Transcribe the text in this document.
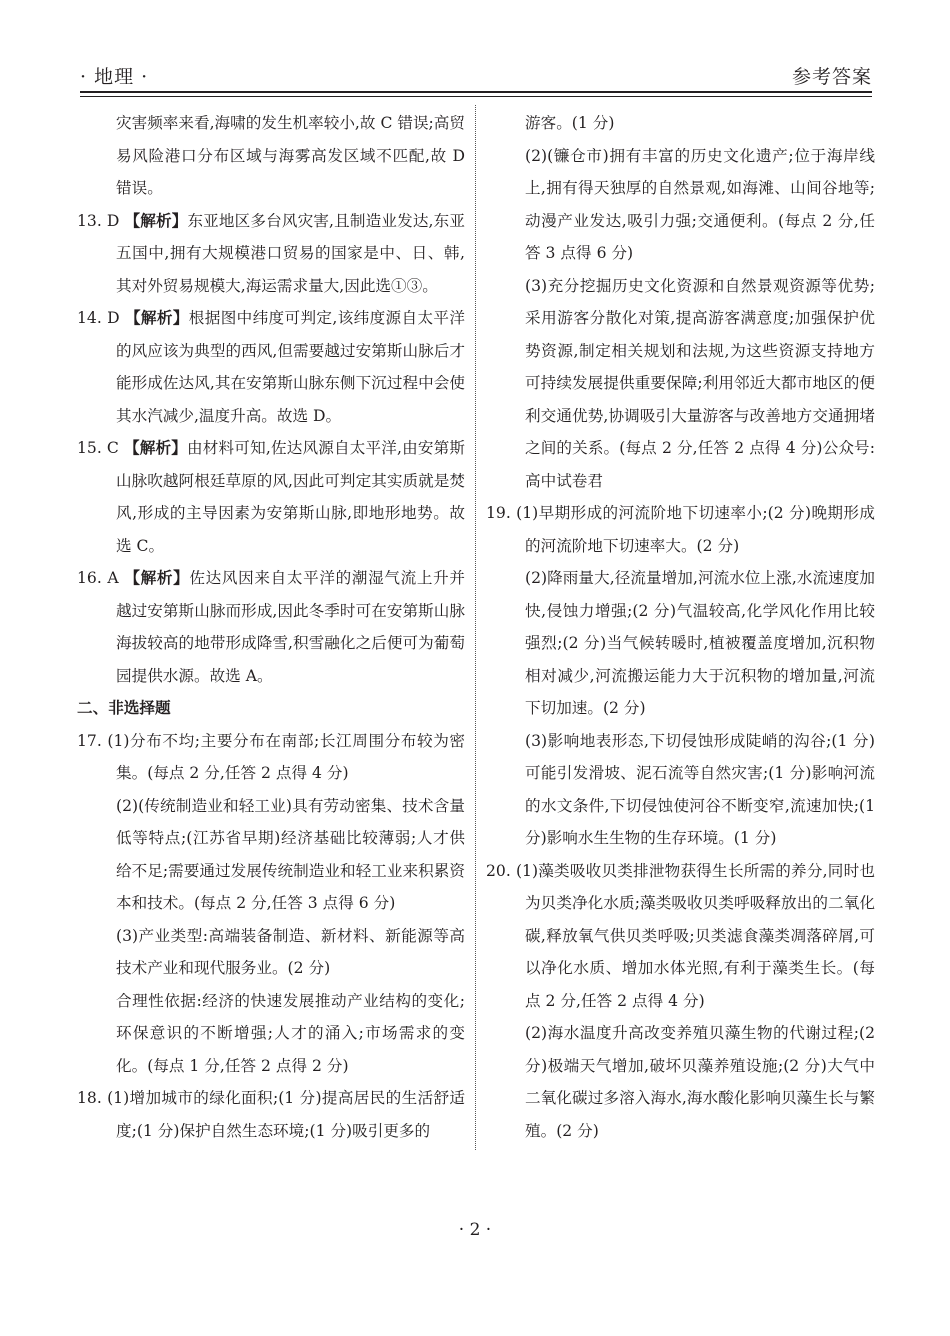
· 地理 ·	参考答案

灾害频率来看,海啸的发生机率较小,故 C 错误;高贸易风险港口分布区域与海雾高发区域不匹配,故 D 错误。

13. D 【解析】东亚地区多台风灾害,且制造业发达,东亚五国中,拥有大规模港口贸易的国家是中、日、韩,其对外贸易规模大,海运需求量大,因此选①③。

14. D 【解析】根据图中纬度可判定,该纬度源自太平洋的风应该为典型的西风,但需要越过安第斯山脉后才能形成佐达风,其在安第斯山脉东侧下沉过程中会使其水汽减少,温度升高。故选 D。

15. C 【解析】由材料可知,佐达风源自太平洋,由安第斯山脉吹越阿根廷草原的风,因此可判定其实质就是焚风,形成的主导因素为安第斯山脉,即地形地势。故选 C。

16. A 【解析】佐达风因来自太平洋的潮湿气流上升并越过安第斯山脉而形成,因此冬季时可在安第斯山脉海拔较高的地带形成降雪,积雪融化之后便可为葡萄园提供水源。故选 A。

二、非选择题

17. (1)分布不均;主要分布在南部;长江周围分布较为密集。(每点 2 分,任答 2 点得 4 分)

(2)(传统制造业和轻工业)具有劳动密集、技术含量低等特点;(江苏省早期)经济基础比较薄弱;人才供给不足;需要通过发展传统制造业和轻工业来积累资本和技术。(每点 2 分,任答 3 点得 6 分)

(3)产业类型:高端装备制造、新材料、新能源等高技术产业和现代服务业。(2 分)

合理性依据:经济的快速发展推动产业结构的变化;环保意识的不断增强;人才的涌入;市场需求的变化。(每点 1 分,任答 2 点得 2 分)

18. (1)增加城市的绿化面积;(1 分)提高居民的生活舒适度;(1 分)保护自然生态环境;(1 分)吸引更多的

游客。(1 分)

(2)(镰仓市)拥有丰富的历史文化遗产;位于海岸线上,拥有得天独厚的自然景观,如海滩、山间谷地等;动漫产业发达,吸引力强;交通便利。(每点 2 分,任答 3 点得 6 分)

(3)充分挖掘历史文化资源和自然景观资源等优势;采用游客分散化对策,提高游客满意度;加强保护优势资源,制定相关规划和法规,为这些资源支持地方可持续发展提供重要保障;利用邻近大都市地区的便利交通优势,协调吸引大量游客与改善地方交通拥堵之间的关系。(每点 2 分,任答 2 点得 4 分)公众号: 高中试卷君

19. (1)早期形成的河流阶地下切速率小;(2 分)晚期形成的河流阶地下切速率大。(2 分)

(2)降雨量大,径流量增加,河流水位上涨,水流速度加快,侵蚀力增强;(2 分)气温较高,化学风化作用比较强烈;(2 分)当气候转暖时,植被覆盖度增加,沉积物相对减少,河流搬运能力大于沉积物的增加量,河流下切加速。(2 分)

(3)影响地表形态,下切侵蚀形成陡峭的沟谷;(1 分)可能引发滑坡、泥石流等自然灾害;(1 分)影响河流的水文条件,下切侵蚀使河谷不断变窄,流速加快;(1 分)影响水生生物的生存环境。(1 分)

20. (1)藻类吸收贝类排泄物获得生长所需的养分,同时也为贝类净化水质;藻类吸收贝类呼吸释放出的二氧化碳,释放氧气供贝类呼吸;贝类滤食藻类凋落碎屑,可以净化水质、增加水体光照,有利于藻类生长。(每点 2 分,任答 2 点得 4 分)

(2)海水温度升高改变养殖贝藻生物的代谢过程;(2 分)极端天气增加,破坏贝藻养殖设施;(2 分)大气中二氧化碳过多溶入海水,海水酸化影响贝藻生长与繁殖。(2 分)

· 2 ·
